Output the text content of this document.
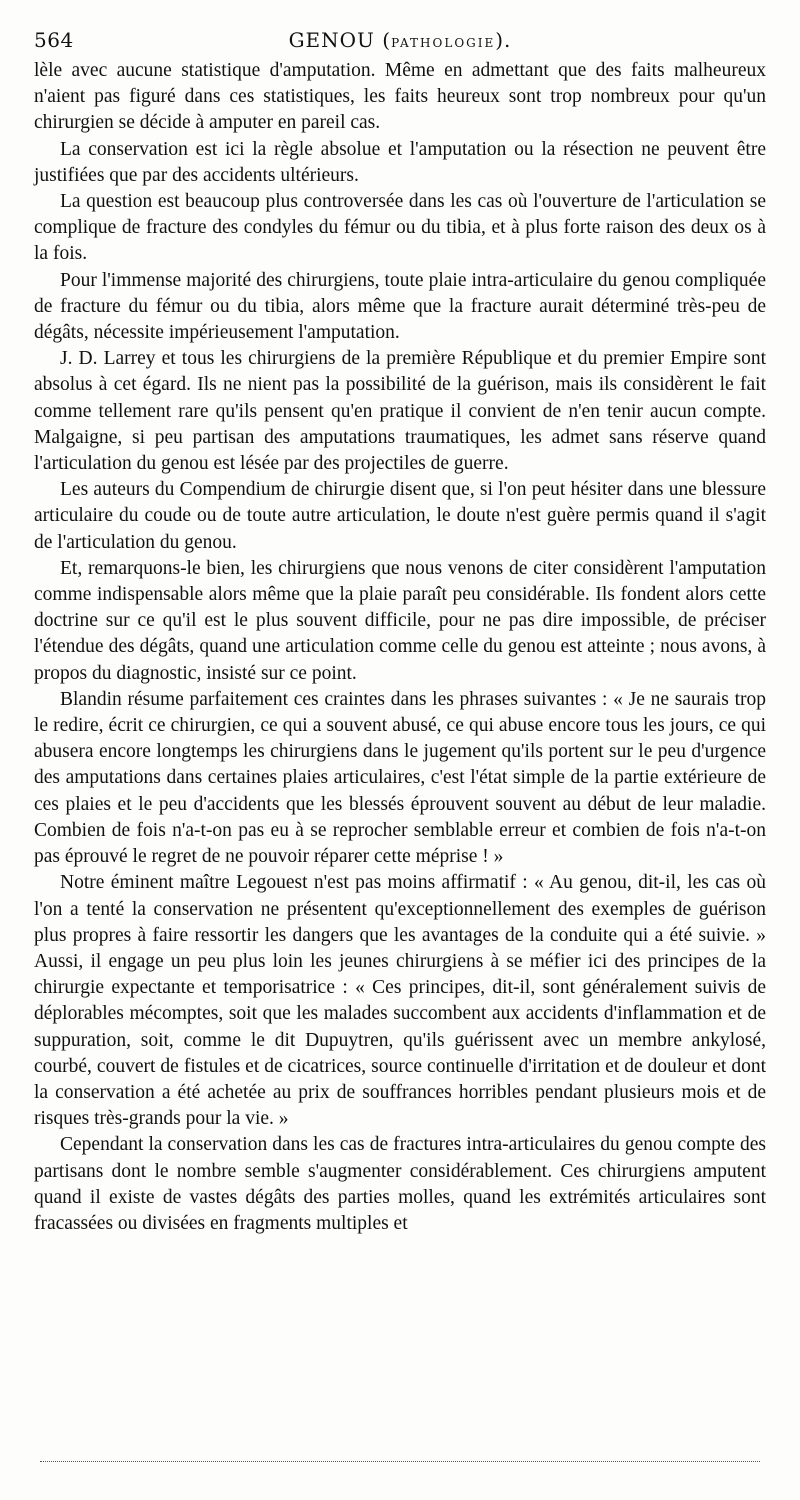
564	GENOU (PATHOLOGIE).

lèle avec aucune statistique d'amputation. Même en admettant que des faits malheureux n'aient pas figuré dans ces statistiques, les faits heureux sont trop nombreux pour qu'un chirurgien se décide à amputer en pareil cas.

La conservation est ici la règle absolue et l'amputation ou la résection ne peuvent être justifiées que par des accidents ultérieurs.

La question est beaucoup plus controversée dans les cas où l'ouverture de l'articulation se complique de fracture des condyles du fémur ou du tibia, et à plus forte raison des deux os à la fois.

Pour l'immense majorité des chirurgiens, toute plaie intra-articulaire du genou compliquée de fracture du fémur ou du tibia, alors même que la fracture aurait déterminé très-peu de dégâts, nécessite impérieusement l'amputation.

J. D. Larrey et tous les chirurgiens de la première République et du premier Empire sont absolus à cet égard. Ils ne nient pas la possibilité de la guérison, mais ils considèrent le fait comme tellement rare qu'ils pensent qu'en pratique il convient de n'en tenir aucun compte. Malgaigne, si peu partisan des amputations traumatiques, les admet sans réserve quand l'articulation du genou est lésée par des projectiles de guerre.

Les auteurs du Compendium de chirurgie disent que, si l'on peut hésiter dans une blessure articulaire du coude ou de toute autre articulation, le doute n'est guère permis quand il s'agit de l'articulation du genou.

Et, remarquons-le bien, les chirurgiens que nous venons de citer considèrent l'amputation comme indispensable alors même que la plaie paraît peu considérable. Ils fondent alors cette doctrine sur ce qu'il est le plus souvent difficile, pour ne pas dire impossible, de préciser l'étendue des dégâts, quand une articulation comme celle du genou est atteinte ; nous avons, à propos du diagnostic, insisté sur ce point.

Blandin résume parfaitement ces craintes dans les phrases suivantes : « Je ne saurais trop le redire, écrit ce chirurgien, ce qui a souvent abusé, ce qui abuse encore tous les jours, ce qui abusera encore longtemps les chirurgiens dans le jugement qu'ils portent sur le peu d'urgence des amputations dans certaines plaies articulaires, c'est l'état simple de la partie extérieure de ces plaies et le peu d'accidents que les blessés éprouvent souvent au début de leur maladie. Combien de fois n'a-t-on pas eu à se reprocher semblable erreur et combien de fois n'a-t-on pas éprouvé le regret de ne pouvoir réparer cette méprise ! »

Notre éminent maître Legouest n'est pas moins affirmatif : « Au genou, dit-il, les cas où l'on a tenté la conservation ne présentent qu'exceptionnellement des exemples de guérison plus propres à faire ressortir les dangers que les avantages de la conduite qui a été suivie. » Aussi, il engage un peu plus loin les jeunes chirurgiens à se méfier ici des principes de la chirurgie expectante et temporisatrice : « Ces principes, dit-il, sont généralement suivis de déplorables mécomptes, soit que les malades succombent aux accidents d'inflammation et de suppuration, soit, comme le dit Dupuytren, qu'ils guérissent avec un membre ankylosé, courbé, couvert de fistules et de cicatrices, source continuelle d'irritation et de douleur et dont la conservation a été achetée au prix de souffrances horribles pendant plusieurs mois et de risques très-grands pour la vie. »

Cependant la conservation dans les cas de fractures intra-articulaires du genou compte des partisans dont le nombre semble s'augmenter considérablement. Ces chirurgiens amputent quand il existe de vastes dégâts des parties molles, quand les extrémités articulaires sont fracassées ou divisées en fragments multiples et
